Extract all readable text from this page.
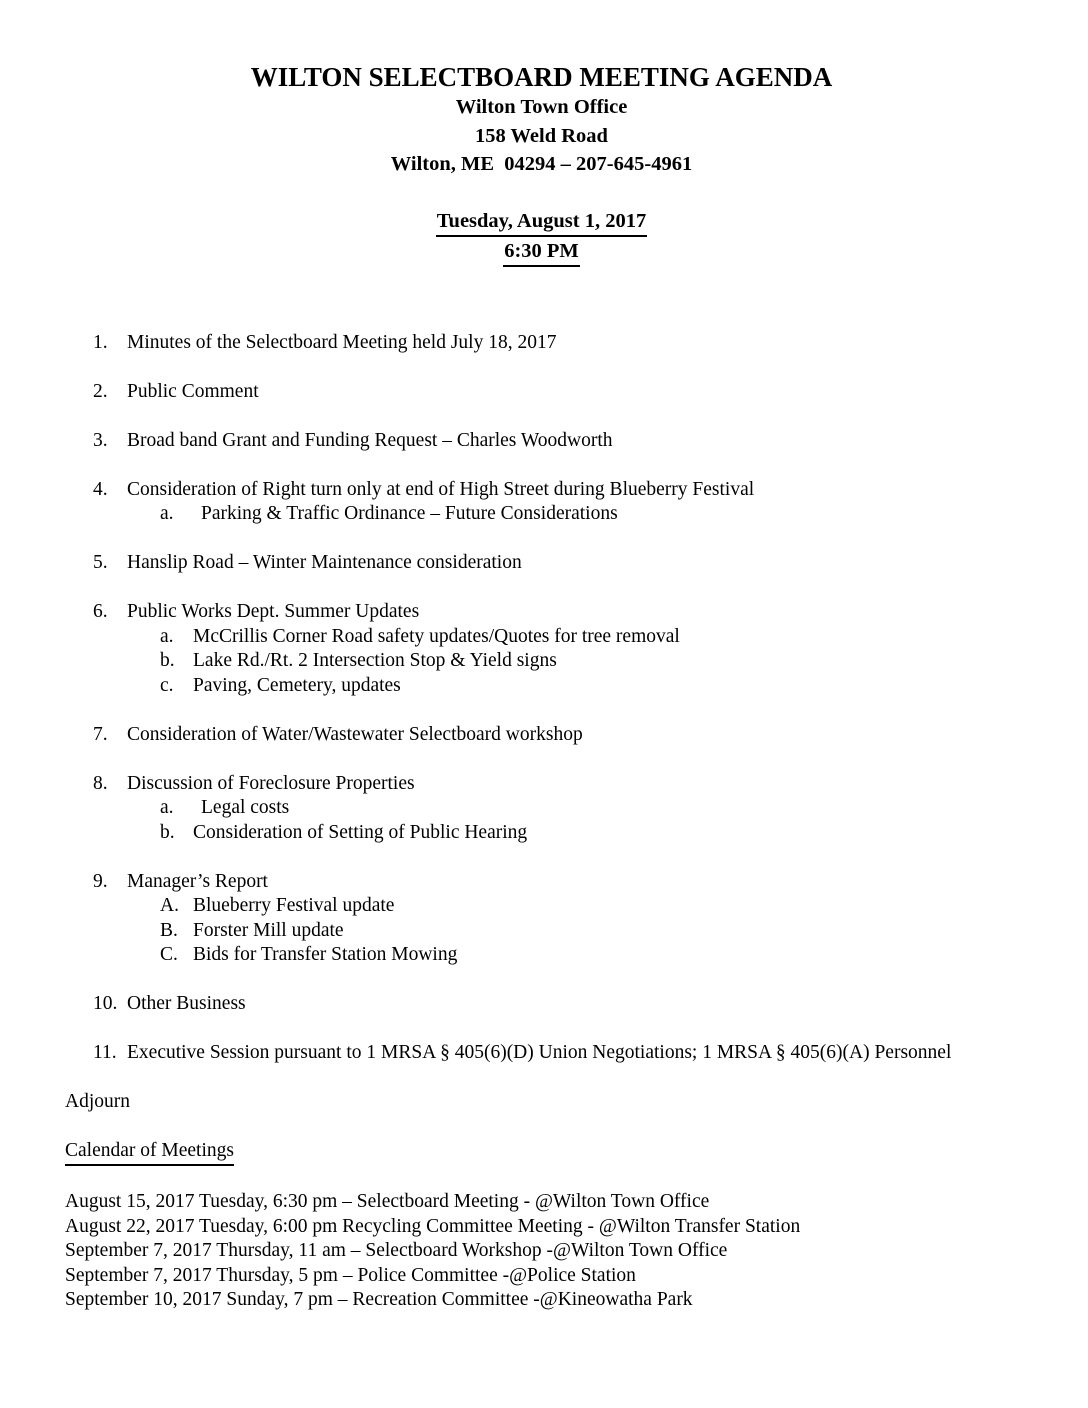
WILTON SELECTBOARD MEETING AGENDA
Wilton Town Office
158 Weld Road
Wilton, ME  04294 – 207-645-4961
Tuesday, August 1, 2017
6:30 PM
1. Minutes of the Selectboard Meeting held July 18, 2017
2. Public Comment
3. Broad band Grant and Funding Request – Charles Woodworth
4. Consideration of Right turn only at end of High Street during Blueberry Festival
a.	Parking & Traffic Ordinance – Future Considerations
5. Hanslip Road – Winter Maintenance consideration
6. Public Works Dept. Summer Updates
a. McCrillis Corner Road safety updates/Quotes for tree removal
b. Lake Rd./Rt. 2 Intersection Stop & Yield signs
c. Paving, Cemetery, updates
7. Consideration of Water/Wastewater Selectboard workshop
8. Discussion of Foreclosure Properties
a.	Legal costs
b. Consideration of Setting of Public Hearing
9. Manager’s Report
A. Blueberry Festival update
B. Forster Mill update
C. Bids for Transfer Station Mowing
10. Other Business
11. Executive Session pursuant to 1 MRSA § 405(6)(D) Union Negotiations; 1 MRSA § 405(6)(A) Personnel
Adjourn
Calendar of Meetings
August 15, 2017 Tuesday, 6:30 pm – Selectboard Meeting - @Wilton Town Office
August 22, 2017 Tuesday, 6:00 pm Recycling Committee Meeting - @Wilton Transfer Station
September 7, 2017 Thursday, 11 am – Selectboard Workshop -@Wilton Town Office
September 7, 2017 Thursday, 5 pm – Police Committee -@Police Station
September 10, 2017 Sunday, 7 pm – Recreation Committee -@Kineowatha Park
